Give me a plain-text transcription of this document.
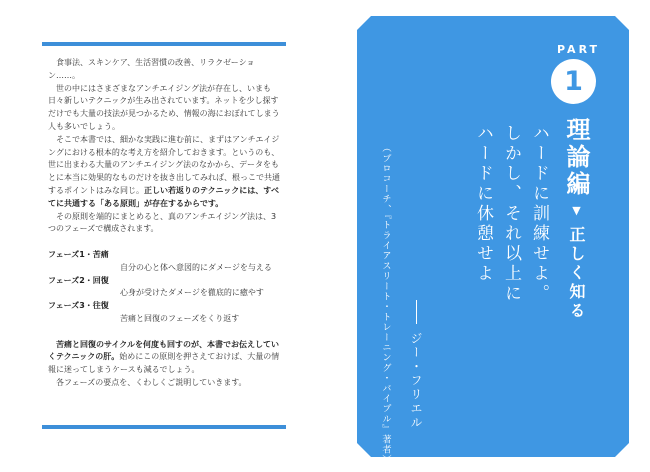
食事法、スキンケア、生活習慣の改善、リラクゼーション……。

世の中にはさまざまなアンチエイジング法が存在し、いまも日々新しいテクニックが生み出されています。ネットを少し探すだけでも大量の技法が見つかるため、情報の海におぼれてしまう人も多いでしょう。

そこで本書では、細かな実践に進む前に、まずはアンチエイジングにおける根本的な考え方を紹介しておきます。というのも、世に出まわる大量のアンチエイジング法のなかから、データをもとに本当に効果的なものだけを抜き出してみれば、根っこで共通するポイントはみな同じ。正しい若返りのテクニックには、すべてに共通する「ある原則」が存在するからです。

その原則を端的にまとめると、真のアンチエイジング法は、3つのフェーズで構成されます。

フェーズ1・苦痛
自分の心と体へ意図的にダメージを与える
フェーズ2・回復
心身が受けたダメージを徹底的に癒やす
フェーズ3・往復
苦痛と回復のフェーズをくり返す

苦痛と回復のサイクルを何度も回すのが、本書でお伝えしていくテクニックの肝。始めにこの原則を押さえておけば、大量の情報に迷ってしまうケースも減るでしょう。

各フェーズの要点を、くわしくご説明していきます。

PART
1
理論編▼正しく知る
ハードに訓練せよ。
しかし、それ以上に
ハードに休憩せよ
ジー・フリエル
（プロコーチ、『トライアスリート・トレーニング・バイブル』著者）
